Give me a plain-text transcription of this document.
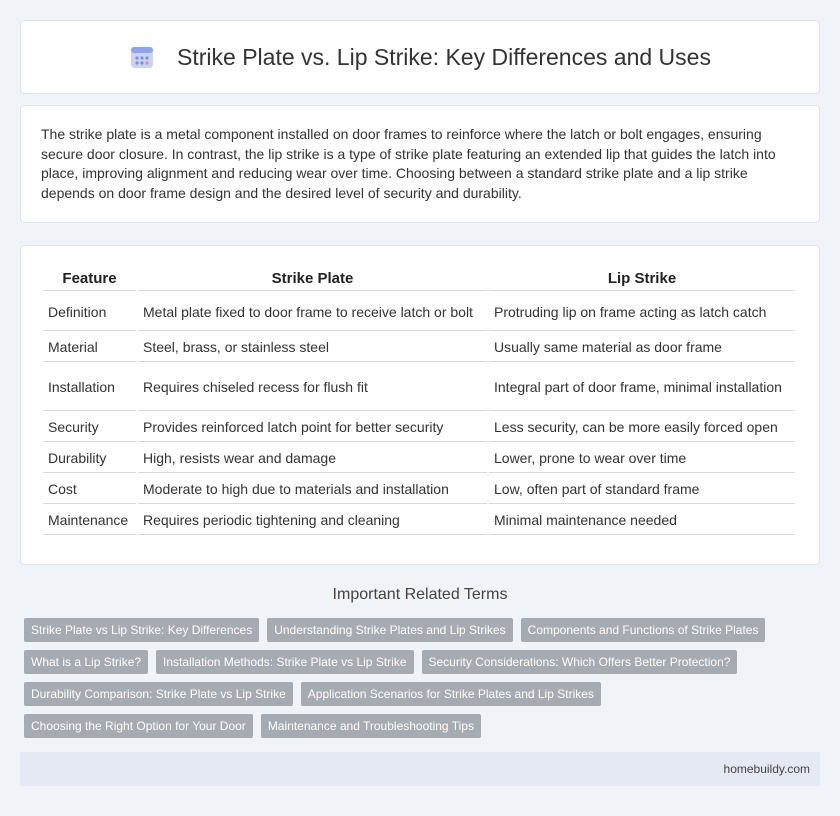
Strike Plate vs. Lip Strike: Key Differences and Uses

The strike plate is a metal component installed on door frames to reinforce where the latch or bolt engages, ensuring secure door closure. In contrast, the lip strike is a type of strike plate featuring an extended lip that guides the latch into place, improving alignment and reducing wear over time. Choosing between a standard strike plate and a lip strike depends on door frame design and the desired level of security and durability.

Feature	Strike Plate	Lip Strike
Definition	Metal plate fixed to door frame to receive latch or bolt	Protruding lip on frame acting as latch catch
Material	Steel, brass, or stainless steel	Usually same material as door frame
Installation	Requires chiseled recess for flush fit	Integral part of door frame, minimal installation
Security	Provides reinforced latch point for better security	Less security, can be more easily forced open
Durability	High, resists wear and damage	Lower, prone to wear over time
Cost	Moderate to high due to materials and installation	Low, often part of standard frame
Maintenance	Requires periodic tightening and cleaning	Minimal maintenance needed
Important Related Terms
Strike Plate vs Lip Strike: Key Differences	Understanding Strike Plates and Lip Strikes	Components and Functions of Strike Plates
What is a Lip Strike?	Installation Methods: Strike Plate vs Lip Strike	Security Considerations: Which Offers Better Protection?
Durability Comparison: Strike Plate vs Lip Strike	Application Scenarios for Strike Plates and Lip Strikes
Choosing the Right Option for Your Door	Maintenance and Troubleshooting Tips
homebuildy.com
